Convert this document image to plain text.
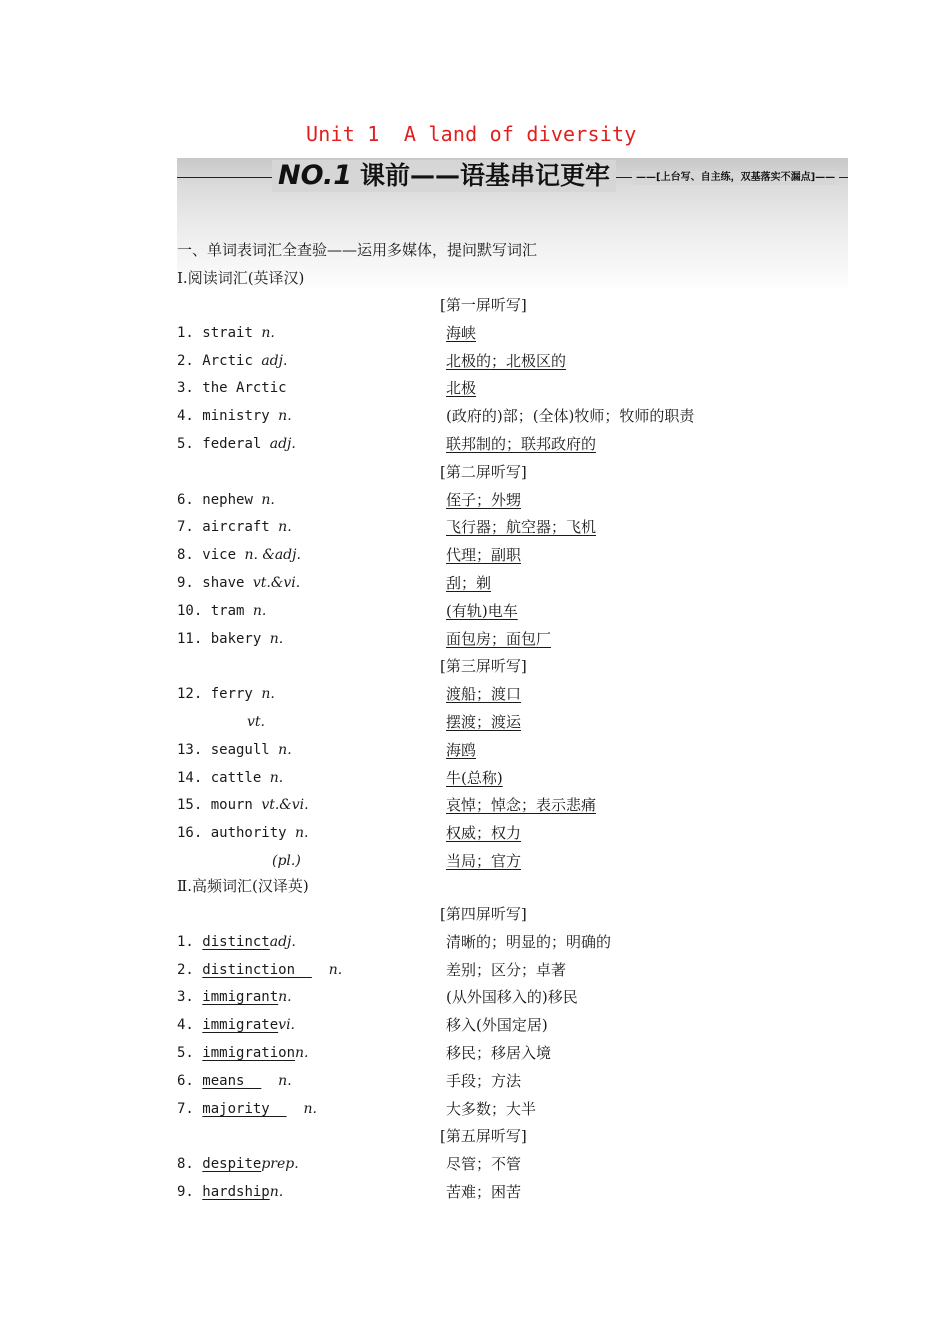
Unit 1  A land of diversity
NO.1 课前——语基串记更牢	——[上台写、自主练，双基落实不漏点]——
一、单词表词汇全查验——运用多媒体，提问默写词汇
Ⅰ.阅读词汇(英译汉)
[第一屏听写]
1. strait n.	海峡
2. Arctic adj.	北极的；北极区的
3. the Arctic	北极
4. ministry n.	(政府的)部；(全体)牧师；牧师的职责
5. federal adj.	联邦制的；联邦政府的
[第二屏听写]
6. nephew n.	侄子；外甥
7. aircraft n.	飞行器；航空器；飞机
8. vice n. &adj.	代理；副职
9. shave vt.&vi.	刮；剃
10. tram n.	(有轨)电车
11. bakery n.	面包房；面包厂
[第三屏听写]
12. ferry n.	渡船；渡口
vt.	摆渡；渡运
13. seagull n.	海鸥
14. cattle n.	牛(总称)
15. mourn vt.&vi.	哀悼；悼念；表示悲痛
16. authority n.	权威；权力
(pl.)	当局；官方
Ⅱ.高频词汇(汉译英)
[第四屏听写]
1. distinctadj.	清晰的；明显的；明确的
2. distinction n.	差别；区分；卓著
3. immigrantn.	(从外国移入的)移民
4. immigratevi.	移入(外国定居)
5. immigrationn.	移民；移居入境
6. means n.	手段；方法
7. majority n.	大多数；大半
[第五屏听写]
8. despiteprep.	尽管；不管
9. hardshipn.	苦难；困苦
